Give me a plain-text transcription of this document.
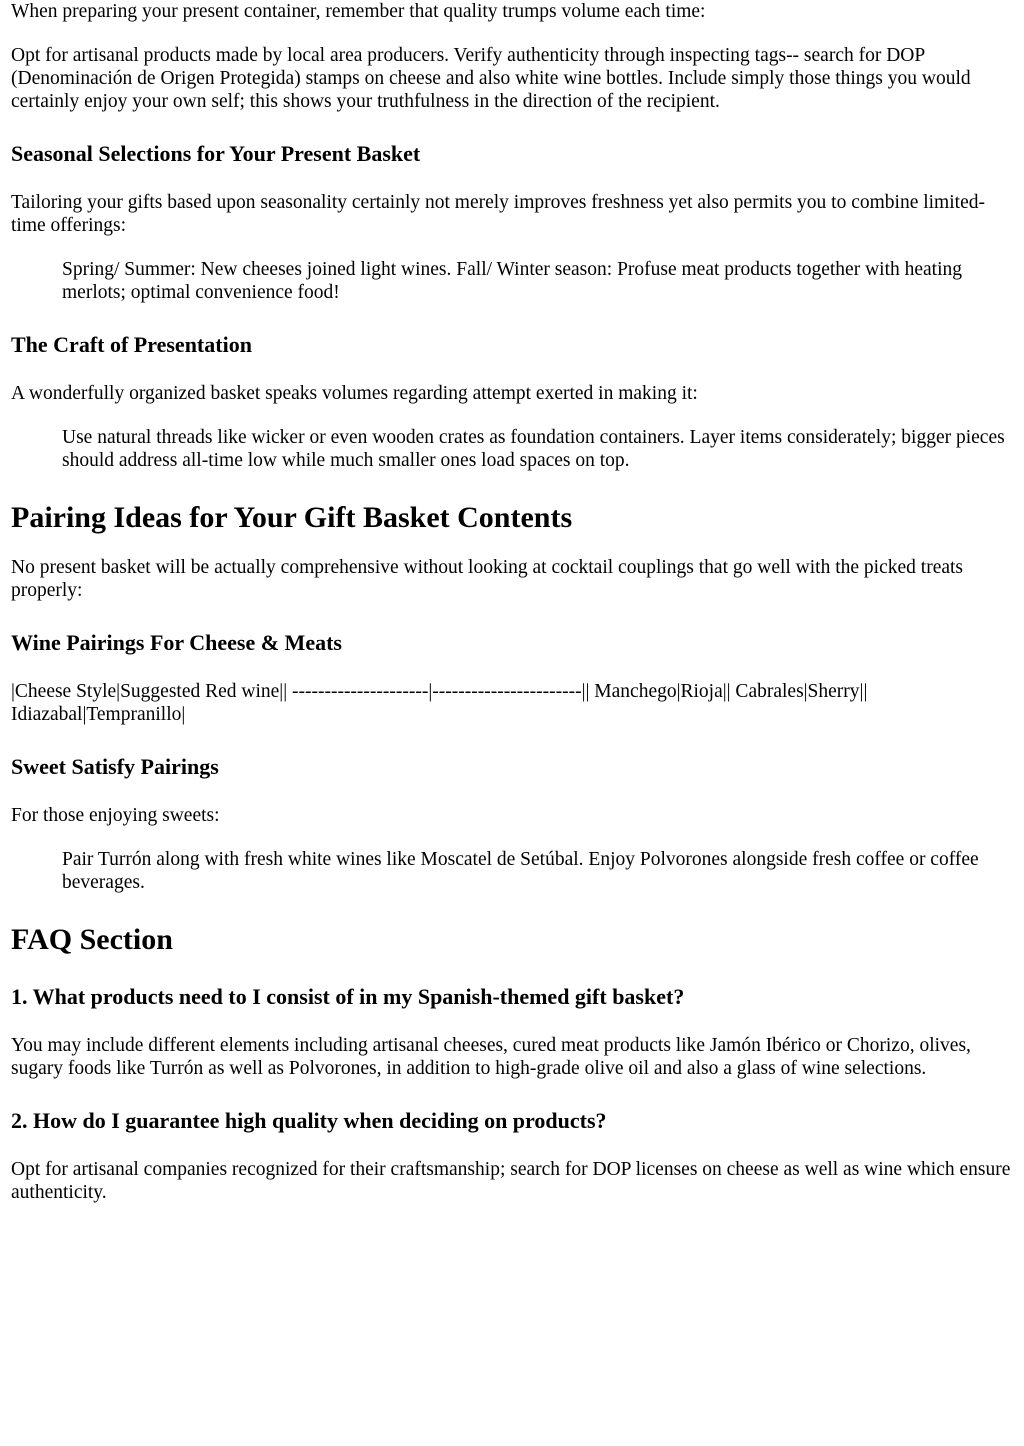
When preparing your present container, remember that quality trumps volume each time:

Opt for artisanal products made by local area producers. Verify authenticity through inspecting tags-- search for DOP (Denominación de Origen Protegida) stamps on cheese and also white wine bottles. Include simply those things you would certainly enjoy your own self; this shows your truthfulness in the direction of the recipient.

Seasonal Selections for Your Present Basket

Tailoring your gifts based upon seasonality certainly not merely improves freshness yet also permits you to combine limited-time offerings:

Spring/ Summer: New cheeses joined light wines. Fall/ Winter season: Profuse meat products together with heating merlots; optimal convenience food!
The Craft of Presentation

A wonderfully organized basket speaks volumes regarding attempt exerted in making it:

Use natural threads like wicker or even wooden crates as foundation containers. Layer items considerately; bigger pieces should address all-time low while much smaller ones load spaces on top.
Pairing Ideas for Your Gift Basket Contents

No present basket will be actually comprehensive without looking at cocktail couplings that go well with the picked treats properly:

Wine Pairings For Cheese & Meats

|Cheese Style|Suggested Red wine|| ---------------------|-----------------------|| Manchego|Rioja|| Cabrales|Sherry|| Idiazabal|Tempranillo|

Sweet Satisfy Pairings

For those enjoying sweets:

Pair Turrón along with fresh white wines like Moscatel de Setúbal. Enjoy Polvorones alongside fresh coffee or coffee beverages.
FAQ Section
1. What products need to I consist of in my Spanish-themed gift basket?

You may include different elements including artisanal cheeses, cured meat products like Jamón Ibérico or Chorizo, olives, sugary foods like Turrón as well as Polvorones, in addition to high-grade olive oil and also a glass of wine selections.

2. How do I guarantee high quality when deciding on products?

Opt for artisanal companies recognized for their craftsmanship; search for DOP licenses on cheese as well as wine which ensure authenticity.
